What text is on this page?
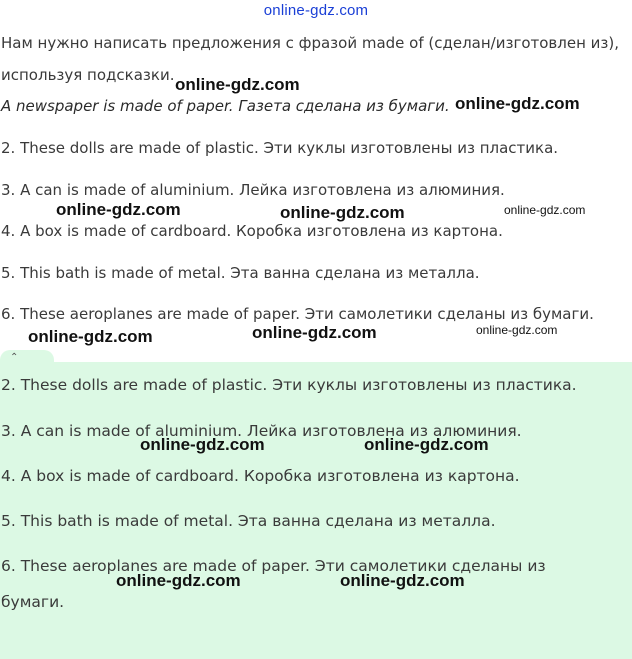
online-gdz.com
Нам нужно написать предложения с фразой made of (сделан/изготовлен из),
используя подсказки.
A newspaper is made of paper. Газета сделана из бумаги.
2. These dolls are made of plastic. Эти куклы изготовлены из пластика.
3. A can is made of aluminium. Лейка изготовлена из алюминия.
4. A box is made of cardboard. Коробка изготовлена из картона.
5. This bath is made of metal. Эта ванна сделана из металла.
6. These aeroplanes are made of paper. Эти самолетики сделаны из бумаги.
online-gdz.com
online-gdz.com
online-gdz.com	online-gdz.com	online-gdz.com
online-gdz.com	online-gdz.com	online-gdz.com
⌃
2. These dolls are made of plastic. Эти куклы изготовлены из пластика.
3. A can is made of aluminium. Лейка изготовлена из алюминия.
4. A box is made of cardboard. Коробка изготовлена из картона.
5. This bath is made of metal. Эта ванна сделана из металла.
6. These aeroplanes are made of paper. Эти самолетики сделаны из
бумаги.
online-gdz.com	online-gdz.com
online-gdz.com	online-gdz.com
